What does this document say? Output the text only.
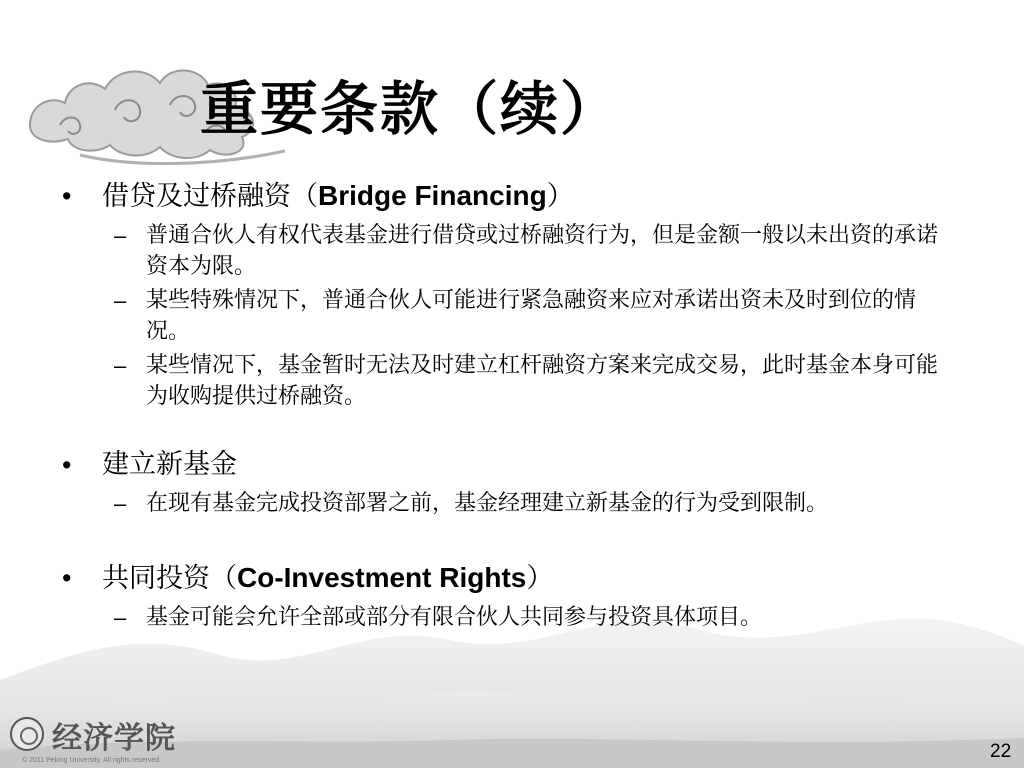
重要条款（续）
•	借贷及过桥融资（Bridge Financing）
– 普通合伙人有权代表基金进行借贷或过桥融资行为，但是金额一般以未出资的承诺资本为限。
– 某些特殊情况下，普通合伙人可能进行紧急融资来应对承诺出资未及时到位的情况。
– 某些情况下，基金暂时无法及时建立杠杆融资方案来完成交易，此时基金本身可能为收购提供过桥融资。
•	建立新基金
– 在现有基金完成投资部署之前，基金经理建立新基金的行为受到限制。
•	共同投资（Co-Investment Rights）
– 基金可能会允许全部或部分有限合伙人共同参与投资具体项目。
经济学院
© 2011 Peking University. All rights reserved.	22
